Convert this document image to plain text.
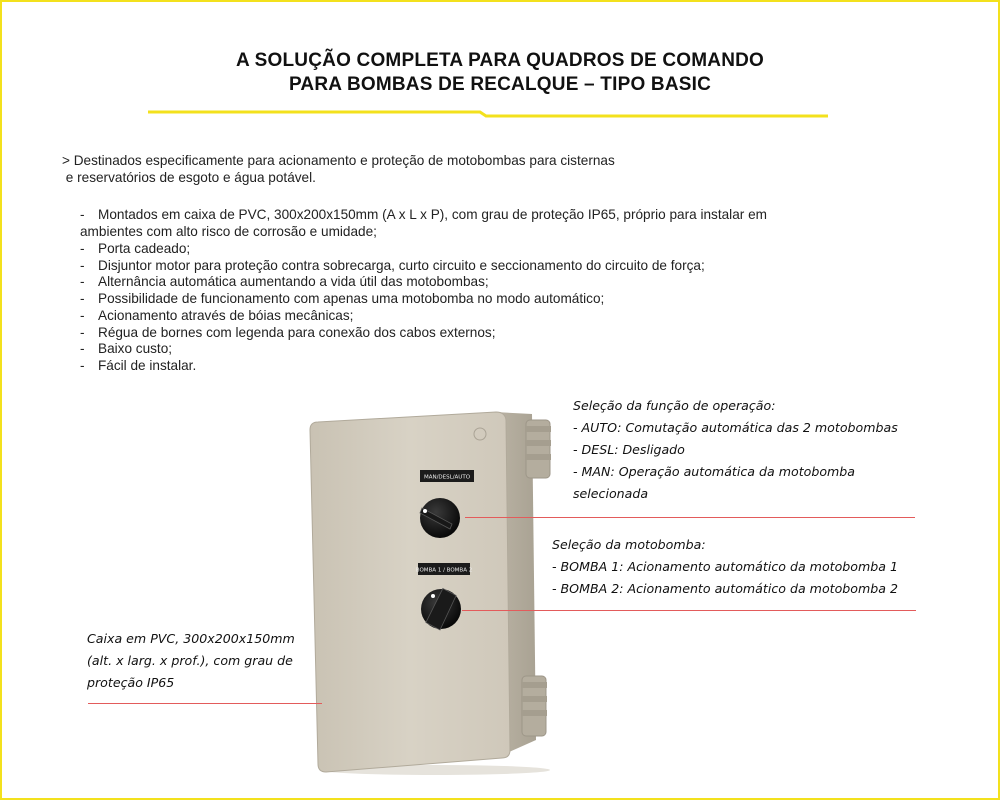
A SOLUÇÃO COMPLETA PARA QUADROS DE COMANDO
PARA BOMBAS DE RECALQUE – TIPO BASIC
> Destinados especificamente para acionamento e proteção de motobombas para cisternas
e reservatórios de esgoto e água potável.
- Montados em caixa de PVC, 300x200x150mm (A x L x P), com grau de proteção IP65, próprio para instalar em
ambientes com alto risco de corrosão e umidade;
- Porta cadeado;
- Disjuntor motor para proteção contra sobrecarga, curto circuito e seccionamento do circuito de força;
- Alternância automática aumentando a vida útil das motobombas;
- Possibilidade de funcionamento com apenas uma motobomba no modo automático;
- Acionamento através de bóias mecânicas;
- Régua de bornes com legenda para conexão dos cabos externos;
- Baixo custo;
- Fácil de instalar.
MAN/DESL/AUTO
BOMBA 1 / BOMBA 2
Seleção da função de operação:
- AUTO: Comutação automática das 2 motobombas
- DESL: Desligado
- MAN: Operação automática da motobomba
selecionada
Seleção da motobomba:
- BOMBA 1: Acionamento automático da motobomba 1
- BOMBA 2: Acionamento automático da motobomba 2
Caixa em PVC, 300x200x150mm
(alt. x larg. x prof.), com grau de
proteção IP65
